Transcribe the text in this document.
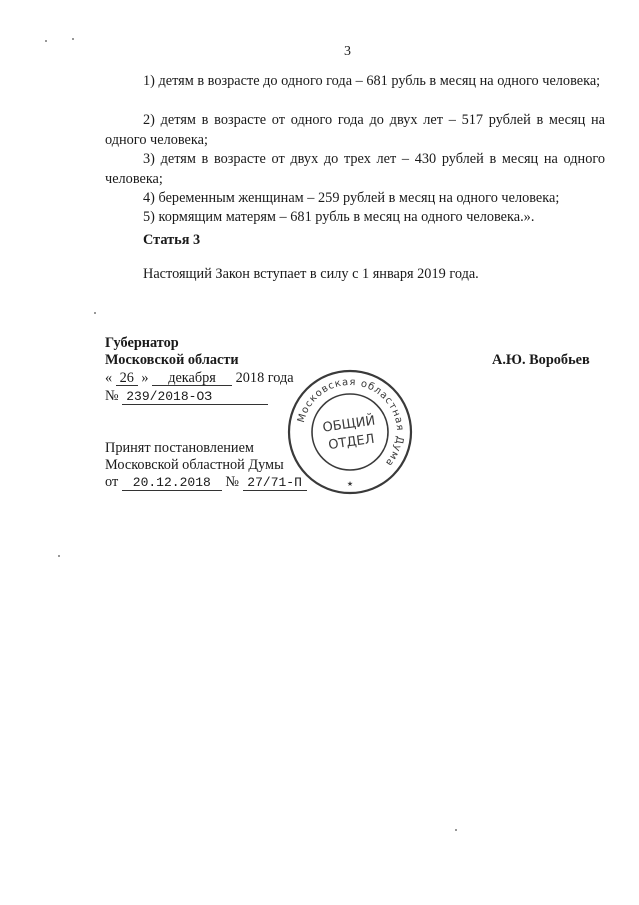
3
1) детям в возрасте до одного года – 681 рубль в месяц на одного человека;
2) детям в возрасте от одного года до двух лет – 517 рублей в месяц на одного человека;
3) детям в возрасте от двух до трех лет – 430 рублей в месяц на одного человека;
4) беременным женщинам – 259 рублей в месяц на одного человека;
5) кормящим матерям – 681 рубль в месяц на одного человека.».
Статья 3
Настоящий Закон вступает в силу с 1 января 2019 года.
Губернатор
Московской области	А.Ю. Воробьев
« 26 » декабря 2018 года
№ 239/2018-ОЗ
Принят постановлением
Московской областной Думы
от 20.12.2018 № 27/71-П
Московская областная Дума
★
ОБЩИЙ
ОТДЕЛ
